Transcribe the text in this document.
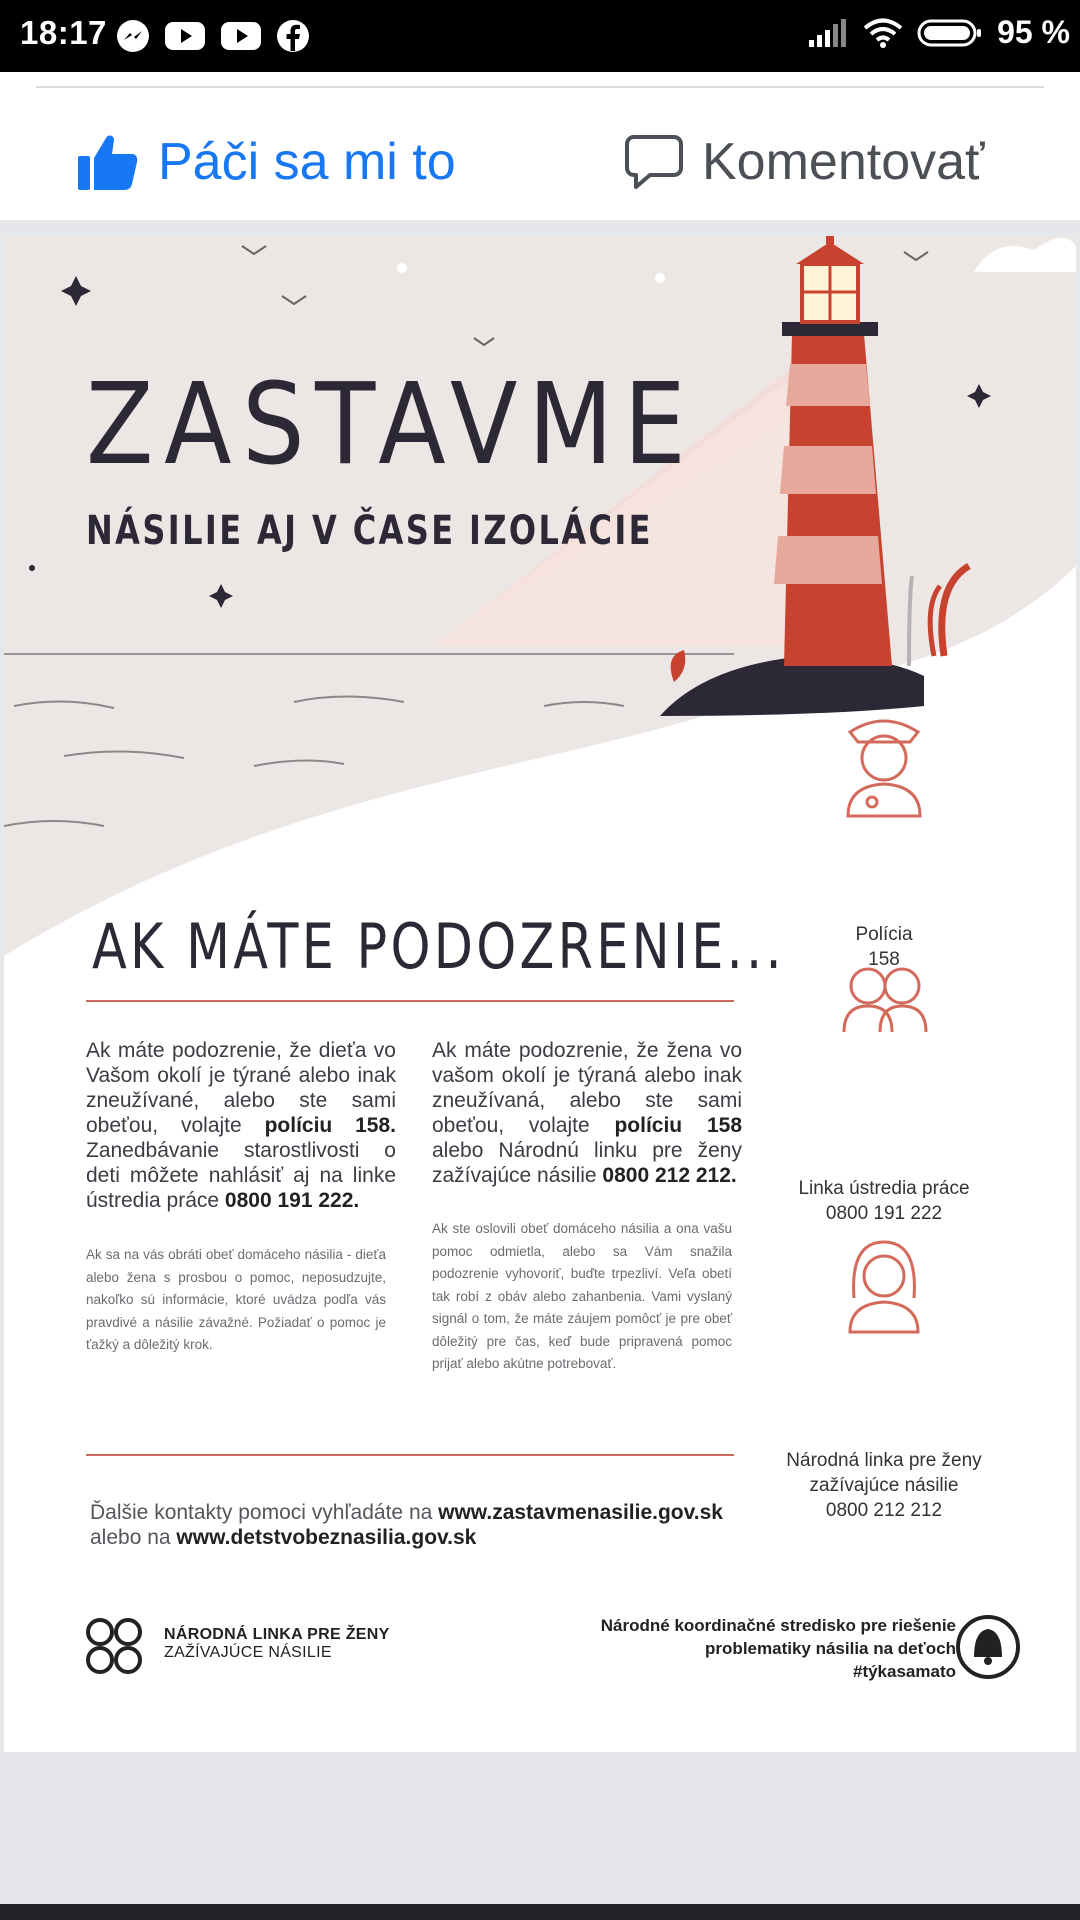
18:17	95 %
Páči sa mi to	Komentovať
ZASTAVME
NÁSILIE AJ V ČASE IZOLÁCIE
AK MÁTE PODOZRENIE...
Ak máte podozrenie, že dieťa vo Vašom okolí je týrané alebo inak zneužívané, alebo ste sami obeťou, volajte políciu 158. Zanedbávanie starostlivosti o deti môžete nahlásiť aj na linke ústredia práce 0800 191 222.
Ak sa na vás obráti obeť domáceho násilia - dieťa alebo žena s prosbou o pomoc, neposudzujte, nakoľko sú informácie, ktoré uvádza podľa vás pravdivé a násilie závažné. Požiadať o pomoc je ťažký a dôležitý krok.
Ak máte podozrenie, že žena vo vašom okolí je týraná alebo inak zneužívaná, alebo ste sami obeťou, volajte políciu 158 alebo Národnú linku pre ženy zažívajúce násilie 0800 212 212.
Ak ste oslovili obeť domáceho násilia a ona vašu pomoc odmietla, alebo sa Vám snažila podozrenie vyhovoriť, buďte trpezliví. Veľa obetí tak robí z obáv alebo zahanbenia. Vami vyslaný signál o tom, že máte záujem pomôcť je pre obeť dôležitý pre čas, keď bude pripravená pomoc prijať alebo akútne potrebovať.
Ďalšie kontakty pomoci vyhľadáte na www.zastavmenasilie.gov.sk
alebo na www.detstvobeznasilia.gov.sk
Polícia
158
Linka ústredia práce
0800 191 222
Národná linka pre ženy
zažívajúce násilie
0800 212 212
NÁRODNÁ LINKA PRE ŽENY
ZAŽÍVAJÚCE NÁSILIE
Národné koordinačné stredisko pre riešenie
problematiky násilia na deťoch
#týkasamato
